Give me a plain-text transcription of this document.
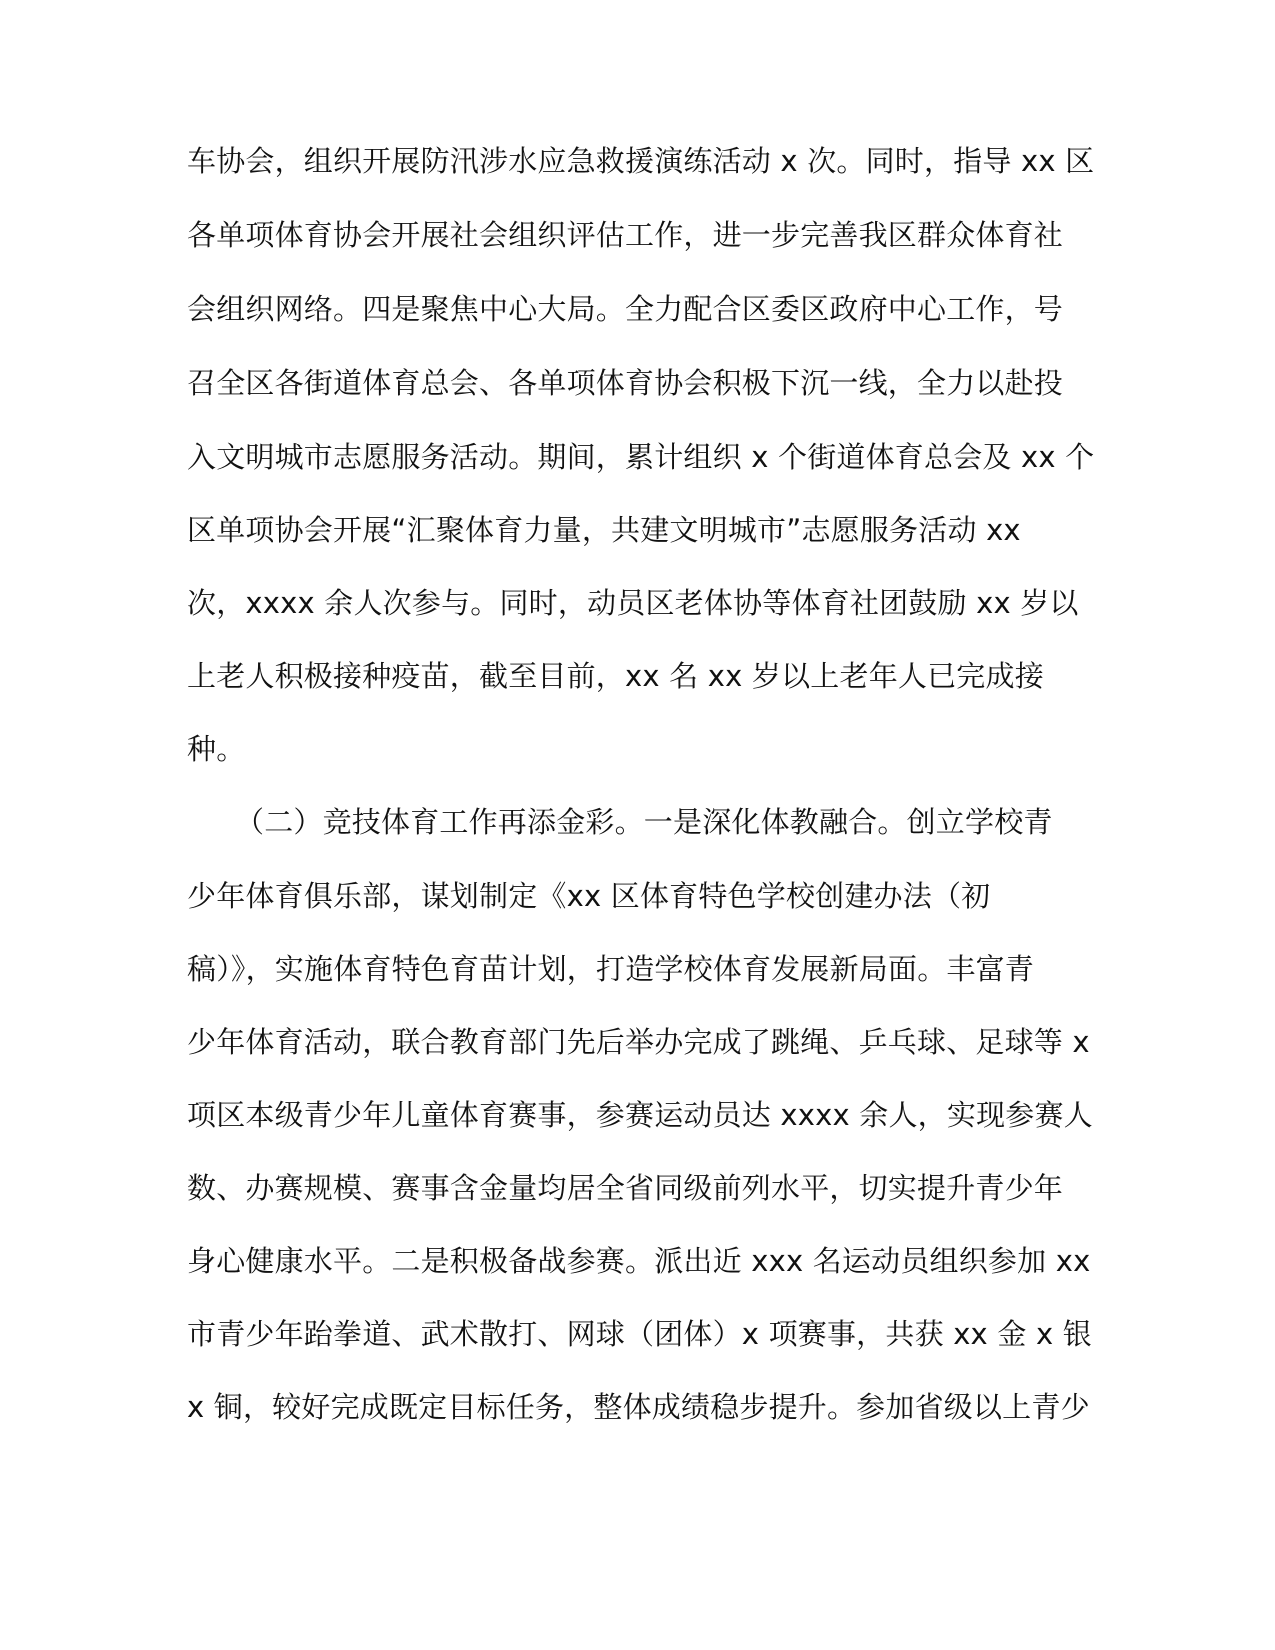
车协会，组织开展防汛涉水应急救援演练活动 x 次。同时，指导 xx 区
各单项体育协会开展社会组织评估工作，进一步完善我区群众体育社
会组织网络。四是聚焦中心大局。全力配合区委区政府中心工作，号
召全区各街道体育总会、各单项体育协会积极下沉一线，全力以赴投
入文明城市志愿服务活动。期间，累计组织 x 个街道体育总会及 xx 个
区单项协会开展“汇聚体育力量，共建文明城市”志愿服务活动 xx
次，xxxx 余人次参与。同时，动员区老体协等体育社团鼓励 xx 岁以
上老人积极接种疫苗，截至目前，xx 名 xx 岁以上老年人已完成接
种。
（二）竞技体育工作再添金彩。一是深化体教融合。创立学校青
少年体育俱乐部，谋划制定《xx 区体育特色学校创建办法（初
稿）》，实施体育特色育苗计划，打造学校体育发展新局面。丰富青
少年体育活动，联合教育部门先后举办完成了跳绳、乒乓球、足球等 x
项区本级青少年儿童体育赛事，参赛运动员达 xxxx 余人，实现参赛人
数、办赛规模、赛事含金量均居全省同级前列水平，切实提升青少年
身心健康水平。二是积极备战参赛。派出近 xxx 名运动员组织参加 xx
市青少年跆拳道、武术散打、网球（团体）x 项赛事，共获 xx 金 x 银
x 铜，较好完成既定目标任务，整体成绩稳步提升。参加省级以上青少
